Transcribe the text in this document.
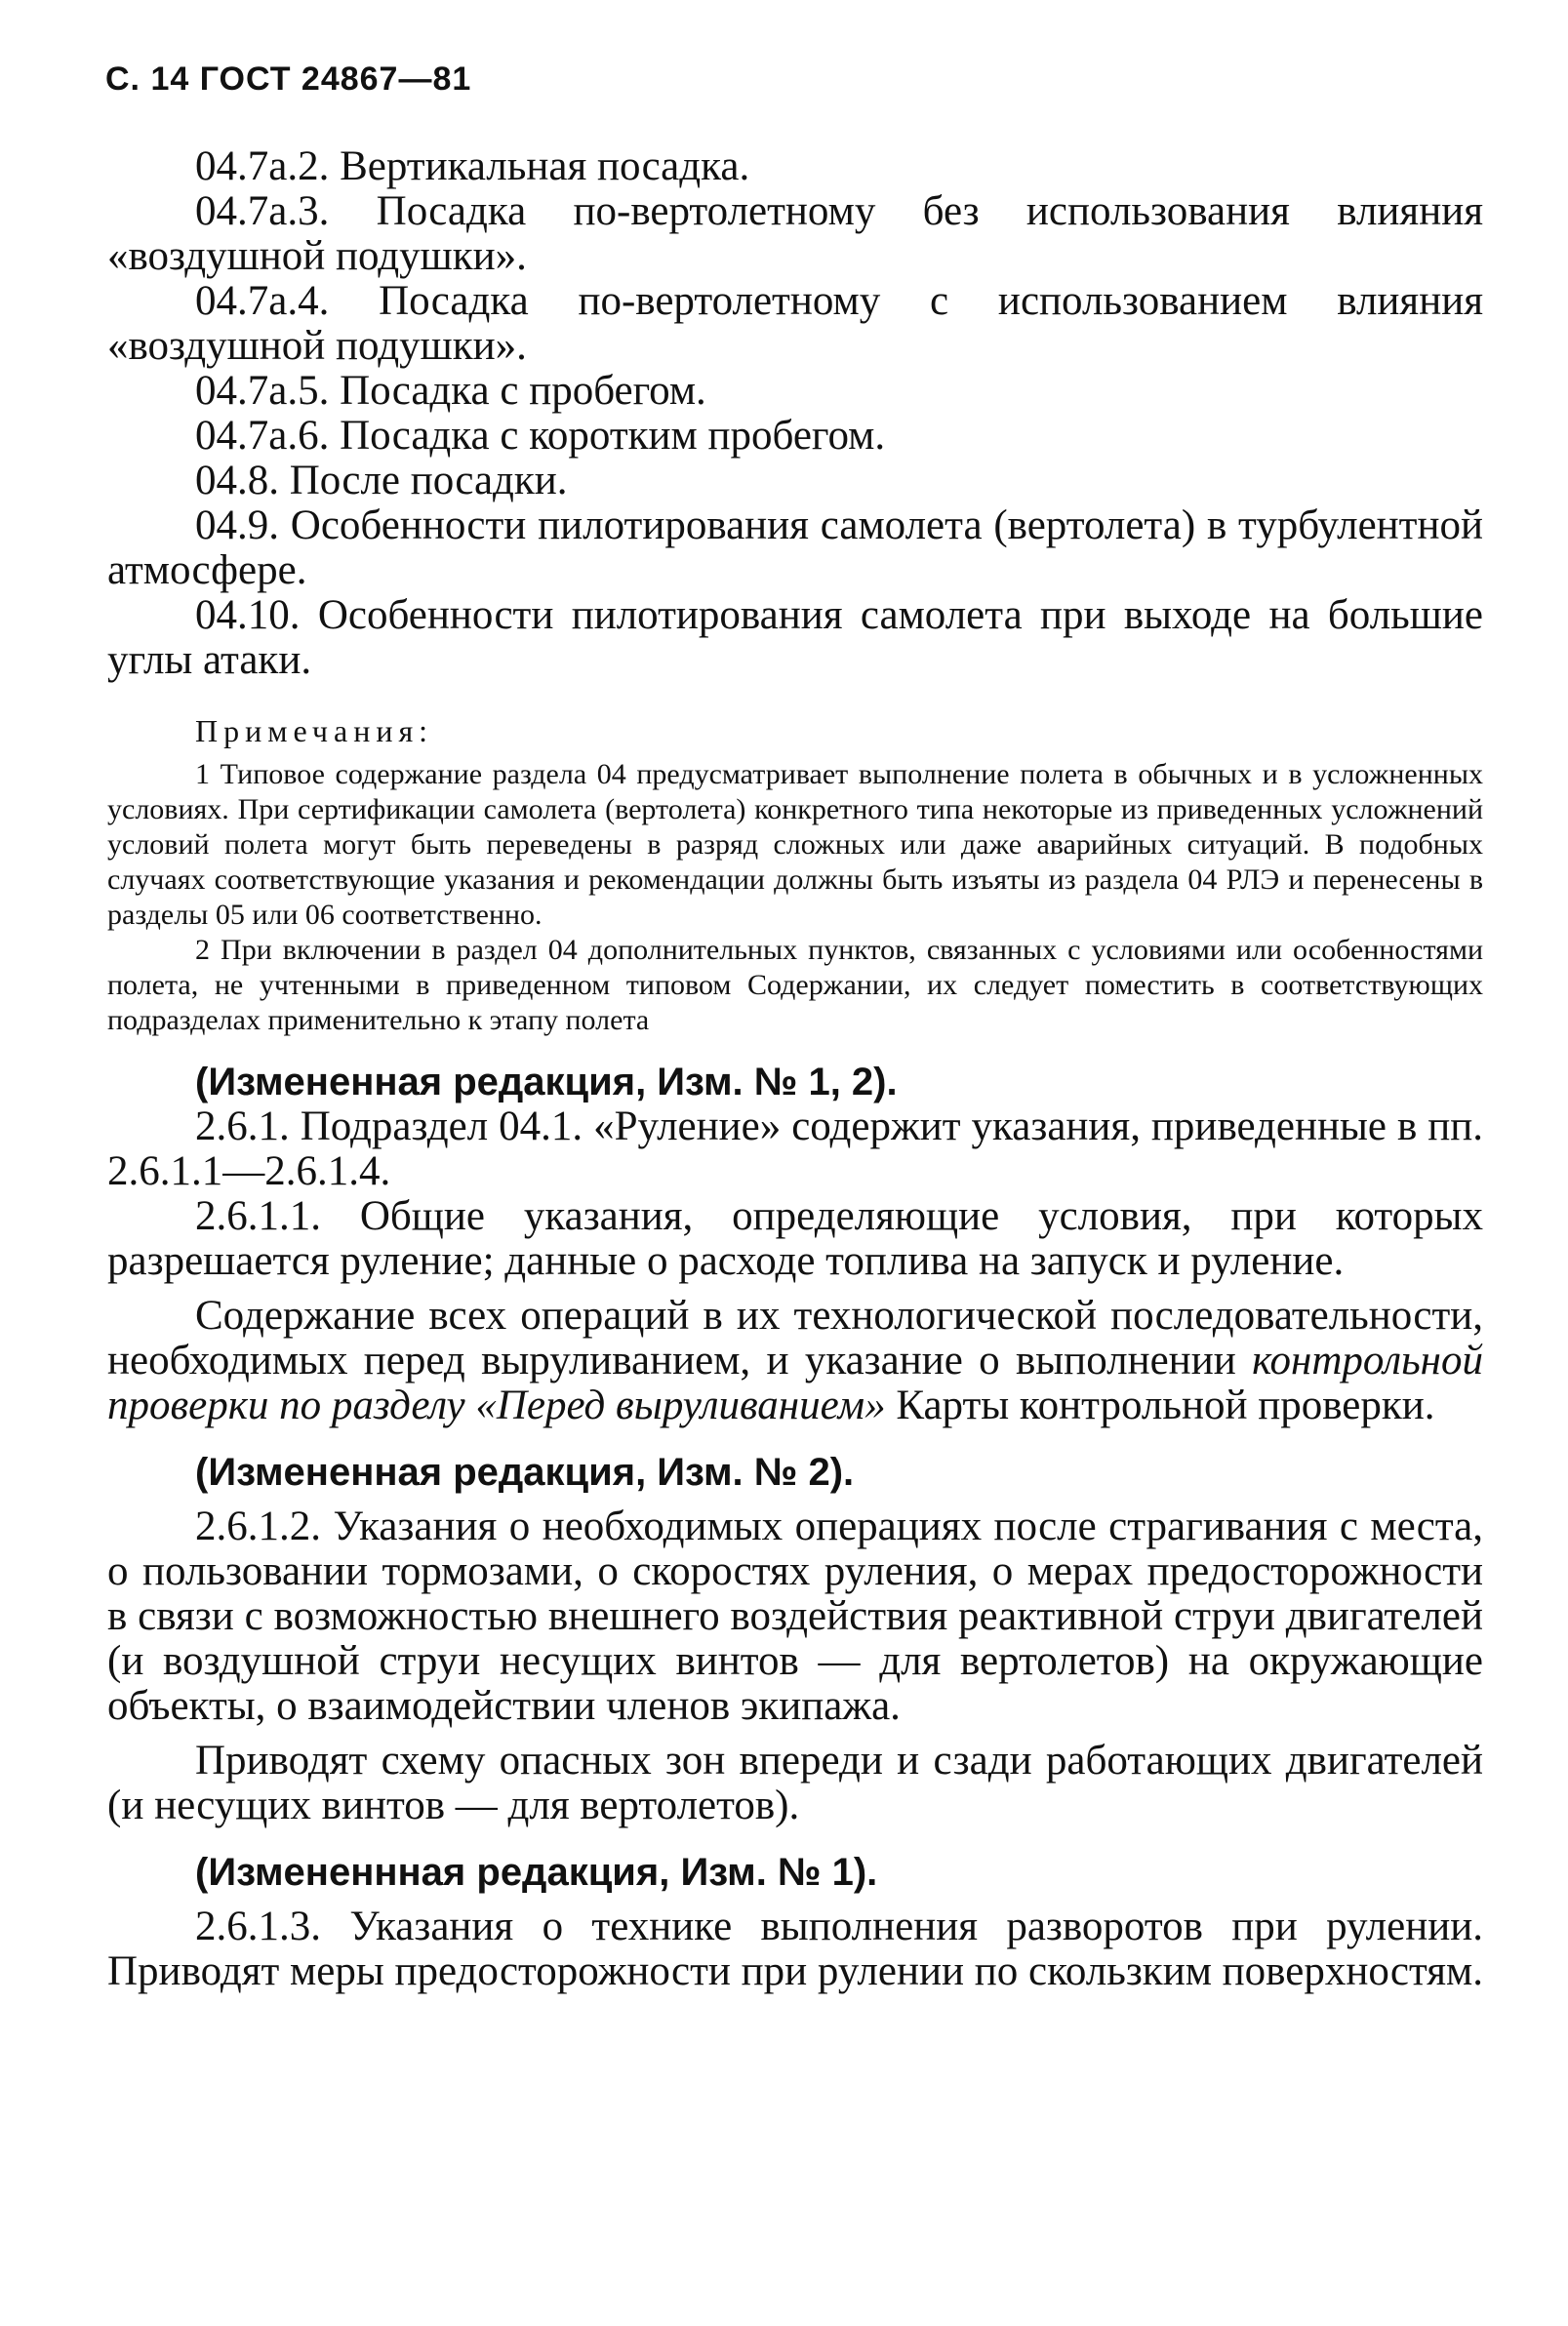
С. 14 ГОСТ 24867—81

04.7а.2. Вертикальная посадка.

04.7а.3. Посадка по-вертолетному без использования влияния «воздушной подушки».

04.7а.4. Посадка по-вертолетному с использованием влияния «воздушной подушки».

04.7а.5. Посадка с пробегом.

04.7а.6. Посадка с коротким пробегом.

04.8. После посадки.

04.9. Особенности пилотирования самолета (вертолета) в турбулентной атмосфере.

04.10. Особенности пилотирования самолета при выходе на большие углы атаки.

Примечания:

1 Типовое содержание раздела 04 предусматривает выполнение полета в обычных и в усложненных условиях. При сертификации самолета (вертолета) конкретного типа некоторые из приведенных усложнений условий полета могут быть переведены в разряд сложных или даже аварийных ситуаций. В подобных случаях соответствующие указания и рекомендации должны быть изъяты из раздела 04 РЛЭ и перенесены в разделы 05 или 06 соответственно.

2 При включении в раздел 04 дополнительных пунктов, связанных с условиями или особенностями полета, не учтенными в приведенном типовом Содержании, их следует поместить в соответствующих подразделах применительно к этапу полета

(Измененная редакция, Изм. № 1, 2).

2.6.1. Подраздел 04.1. «Руление» содержит указания, приведенные в пп. 2.6.1.1—2.6.1.4.

2.6.1.1. Общие указания, определяющие условия, при которых разрешается руление; данные о расходе топлива на запуск и руление.

Содержание всех операций в их технологической последовательности, необходимых перед выруливанием, и указание о выполнении контрольной проверки по разделу «Перед выруливанием» Карты контрольной проверки.

(Измененная редакция, Изм. № 2).

2.6.1.2. Указания о необходимых операциях после страгивания с места, о пользовании тормозами, о скоростях руления, о мерах предосторожности в связи с возможностью внешнего воздействия реактивной струи двигателей (и воздушной струи несущих винтов — для вертолетов) на окружающие объекты, о взаимодействии членов экипажа.

Приводят схему опасных зон впереди и сзади работающих двигателей (и несущих винтов — для вертолетов).

(Измененнная редакция, Изм. № 1).

2.6.1.3. Указания о технике выполнения разворотов при рулении. Приводят меры предосторожности при рулении по скользким поверхностям.
